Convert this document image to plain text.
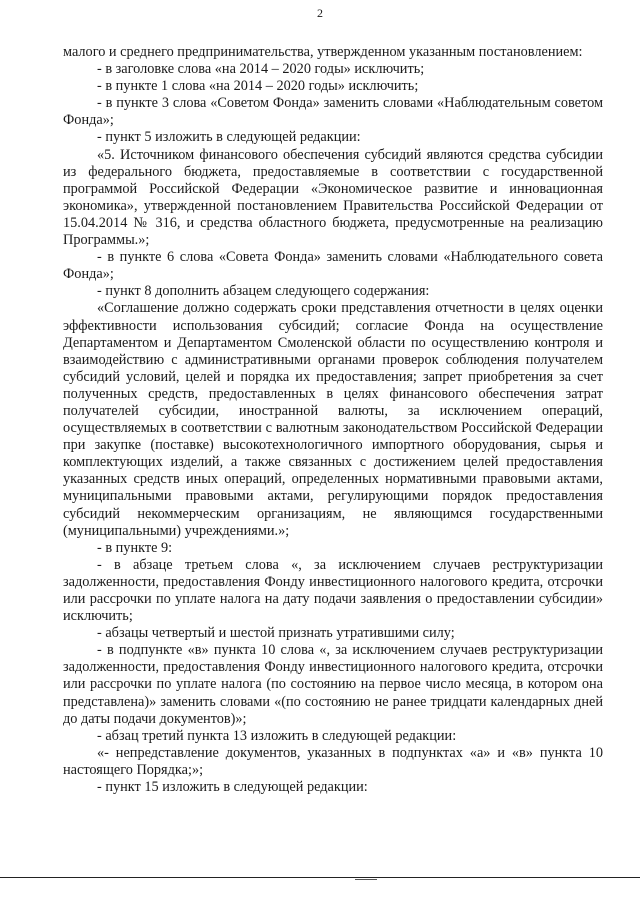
2

малого и среднего предпринимательства, утвержденном указанным постановлением:

- в заголовке слова «на 2014 – 2020 годы» исключить;

- в пункте 1 слова «на 2014 – 2020 годы» исключить;

- в пункте 3 слова «Советом Фонда» заменить словами «Наблюдательным советом Фонда»;

- пункт 5 изложить в следующей редакции:

«5. Источником финансового обеспечения субсидий являются средства субсидии из федерального бюджета, предоставляемые в соответствии с государственной программой Российской Федерации «Экономическое развитие и инновационная экономика», утвержденной постановлением Правительства Российской Федерации от 15.04.2014 № 316, и средства областного бюджета, предусмотренные на реализацию Программы.»;

- в пункте 6 слова «Совета Фонда» заменить словами «Наблюдательного совета Фонда»;

- пункт 8 дополнить абзацем следующего содержания:

«Соглашение должно содержать сроки представления отчетности в целях оценки эффективности использования субсидий; согласие Фонда на осуществление Департаментом и Департаментом Смоленской области по осуществлению контроля и взаимодействию с административными органами проверок соблюдения получателем субсидий условий, целей и порядка их предоставления; запрет приобретения за счет полученных средств, предоставленных в целях финансового обеспечения затрат получателей субсидии, иностранной валюты, за исключением операций, осуществляемых в соответствии с валютным законодательством Российской Федерации при закупке (поставке) высокотехнологичного импортного оборудования, сырья и комплектующих изделий, а также связанных с достижением целей предоставления указанных средств иных операций, определенных нормативными правовыми актами, муниципальными правовыми актами, регулирующими порядок предоставления субсидий некоммерческим организациям, не являющимся государственными (муниципальными) учреждениями.»;

- в пункте 9:

- в абзаце третьем слова «, за исключением случаев реструктуризации задолженности, предоставления Фонду инвестиционного налогового кредита, отсрочки или рассрочки по уплате налога на дату подачи заявления о предоставлении субсидии» исключить;

- абзацы четвертый и шестой признать утратившими силу;

- в подпункте «в» пункта 10 слова «, за исключением случаев реструктуризации задолженности, предоставления Фонду инвестиционного налогового кредита, отсрочки или рассрочки по уплате налога (по состоянию на первое число месяца, в котором она представлена)» заменить словами «(по состоянию не ранее тридцати календарных дней до даты подачи документов)»;

- абзац третий пункта 13 изложить в следующей редакции:

«- непредставление документов, указанных в подпунктах «а» и «в» пункта 10 настоящего Порядка;»;

- пункт 15 изложить в следующей редакции:
